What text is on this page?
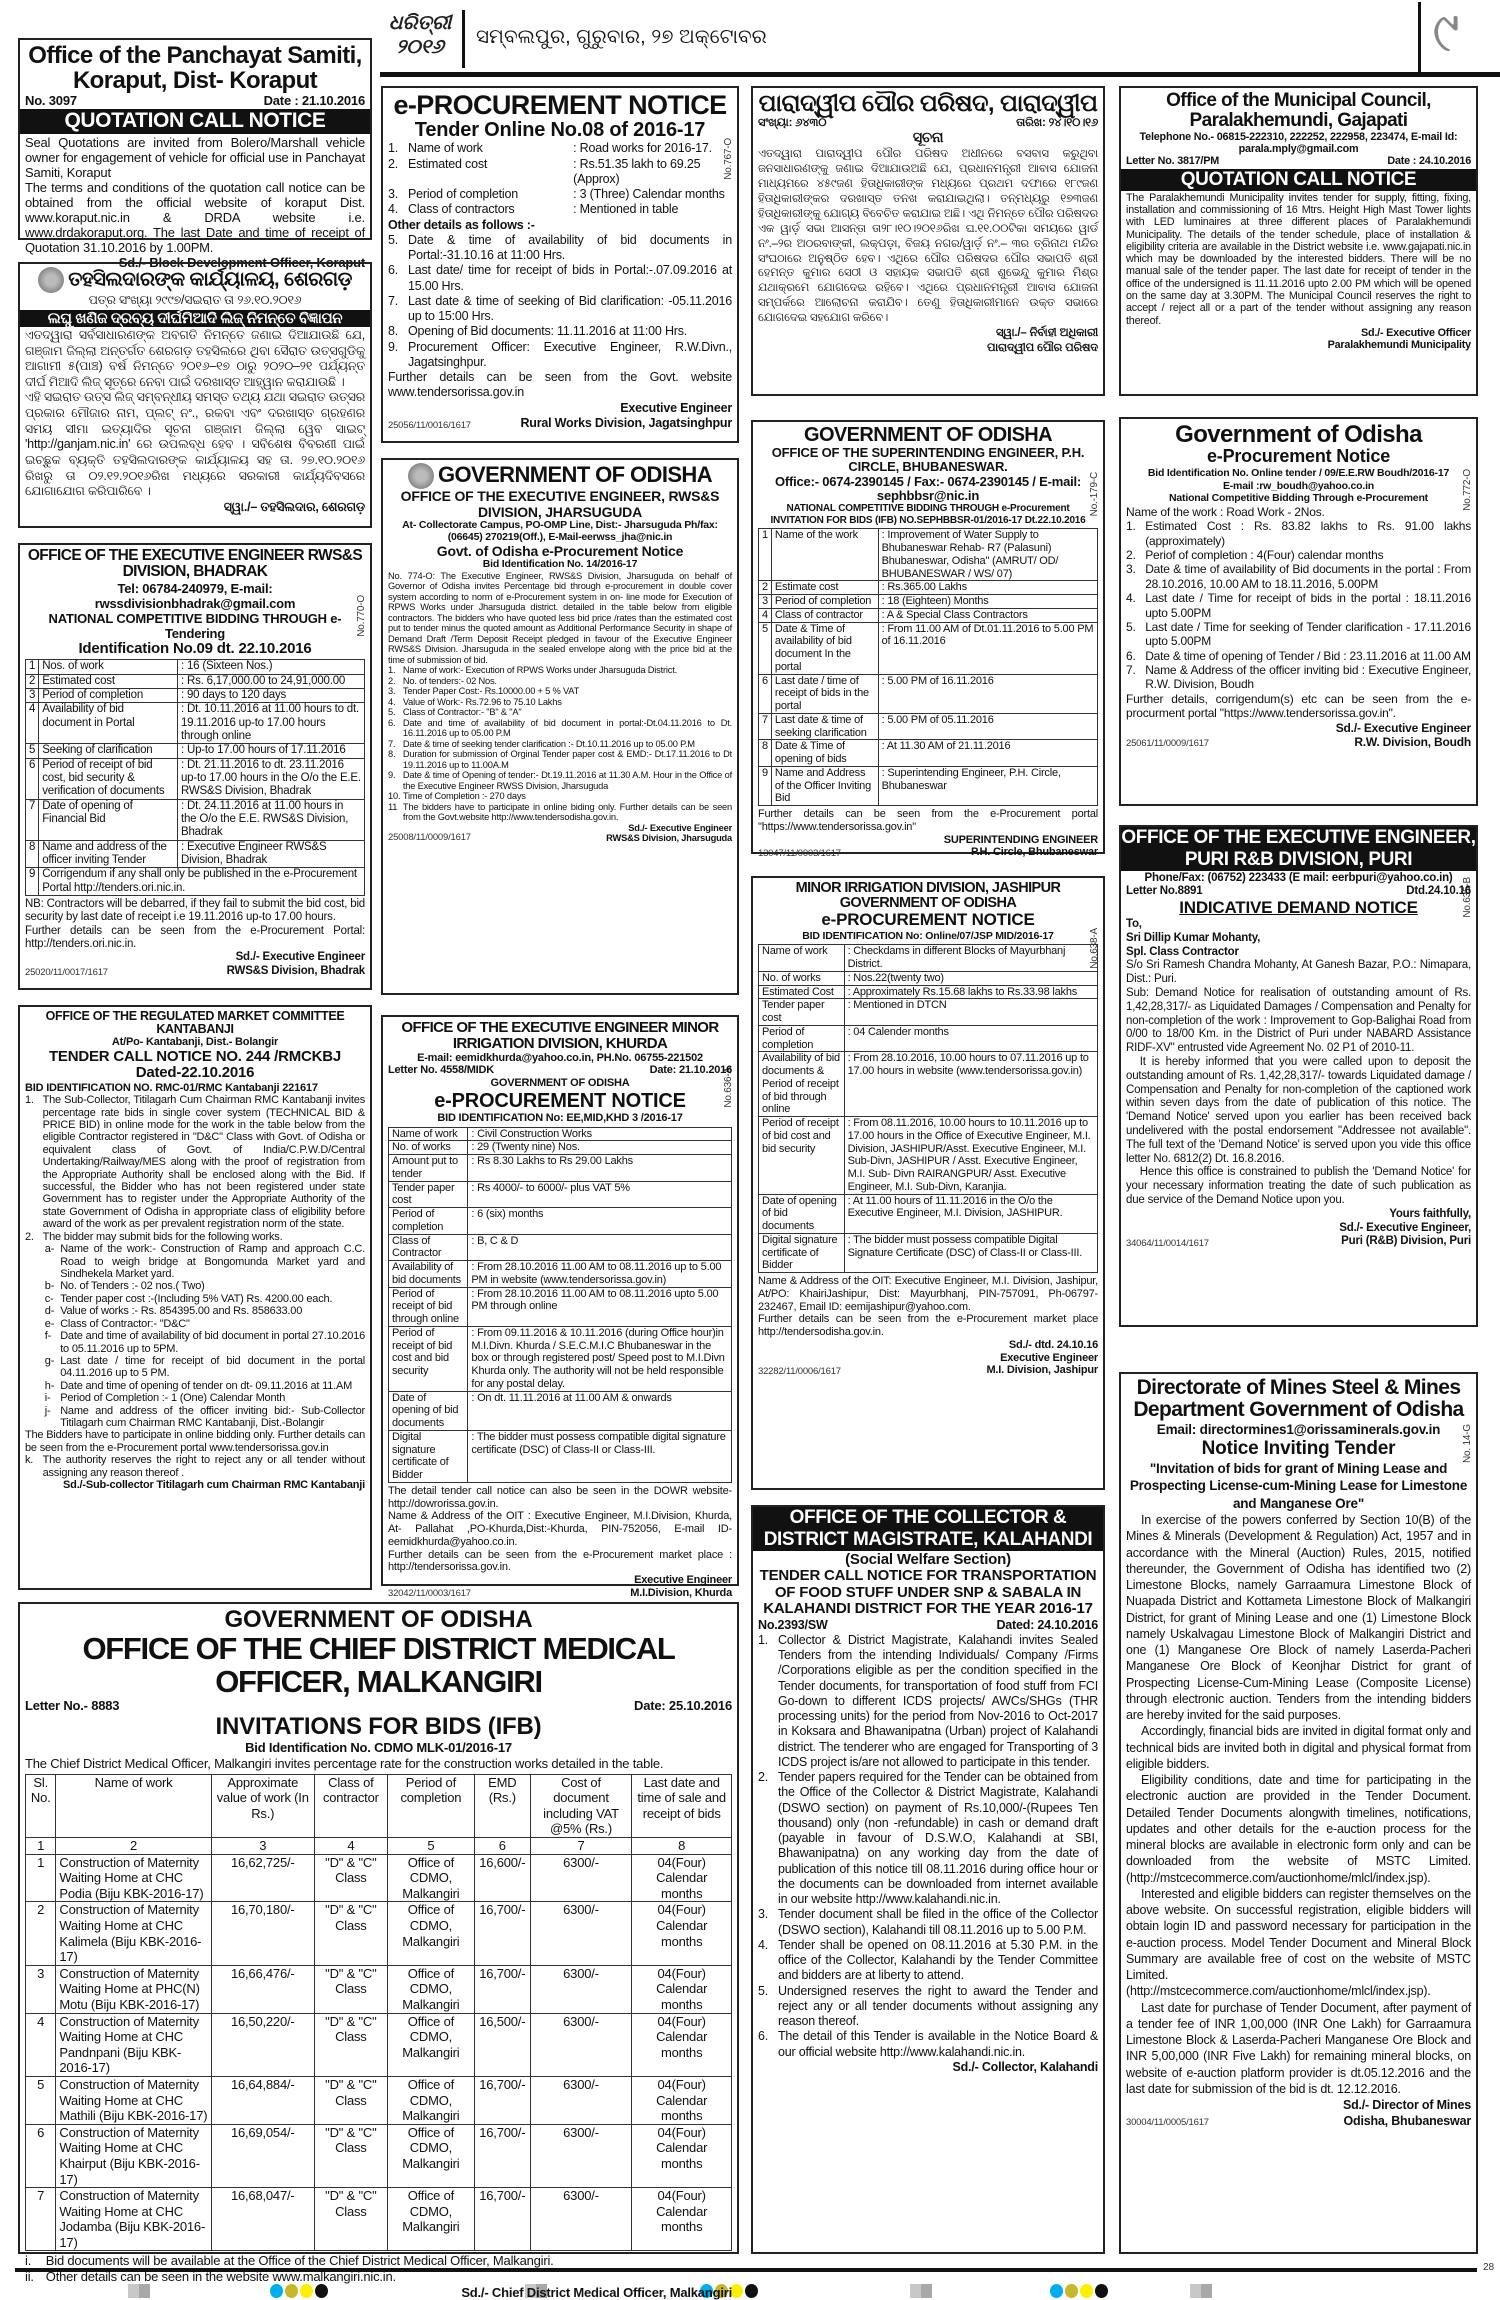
ଧରିତ୍ରୀ
୨୦୧୬	ସମ୍ବଲପୁର, ଗୁରୁବାର, ୨୭ ଅକ୍ଟୋବର	୯
28
Office of the Panchayat Samiti, Koraput, Dist- Koraput
No. 3097	Date : 21.10.2016
QUOTATION CALL NOTICE
Seal Quotations are invited from Bolero/Marshall vehicle owner for engagement of vehicle for official use in Panchayat Samiti, Koraput
The terms and conditions of the quotation call notice can be obtained from the official website of koraput Dist. www.koraput.nic.in & DRDA website i.e. www.drdakoraput.org. The last Date and time of receipt of Quotation 31.10.2016 by 1.00PM.
Sd./- Block Development Officer, Koraput
ତହସିଲଦାରଙ୍କ କାର୍ଯ୍ୟାଳୟ, ଶେରଗଡ଼
ପତ୍ର ସଂଖ୍ୟା ୨୯୯୭/ସଇରାତ ତା ୨୬.୧୦.୨୦୧୬
ଲଘୁ ଖଣିଜ ଦ୍ରବ୍ୟ ଦୀର୍ଘମିଆଦି ଲିଜ୍ ନିମନ୍ତେ ବିଜ୍ଞାପନ
ଏତଦ୍ୱାରା ସର୍ବସାଧାରଣଙ୍କ ଅବଗତି ନିମନ୍ତେ ଜଣାଇ ଦିଆଯାଉଛି ଯେ, ଗଞ୍ଜାମ ଜିଲ୍ଲା ଅନ୍ତର୍ଗତ ଶେରଗଡ଼ ତହସିଲରେ ଥିବା ସୈରାତ ଉତ୍ସଗୁଡିକୁ ଆଗାମୀ ୫(ପାଞ୍ଚ) ବର୍ଷ ନିମନ୍ତେ ୨୦୧୬–୧୭ ଠାରୁ ୨୦୨୦–୨୧ ପର୍ଯ୍ୟନ୍ତ ଦୀର୍ଘ ମିଆଦି ଲିଜ୍ ସୂତ୍ରେ ନେବା ପାଇଁ ଦରଖାସ୍ତ ଆହ୍ୱାନ କରାଯାଉଛି ।
ଏହି ସଇରାତ ଉତ୍ସ ଲିଜ୍ ସମ୍ବନ୍ଧୀୟ ସମସ୍ତ ତଥ୍ୟ ଯଥା ସଇରାତ ଉତ୍ସର ପ୍ରକାର ମୌଜାର ନାମ, ପ୍ଲଟ୍ ନଂ., ରକବା ଏବଂ ଦରଖାସ୍ତ ଗ୍ରହଣର ସମୟ ସୀମା ଇତ୍ୟାଦିର ସୂଚନା ଗଞ୍ଜାମ ଜିଲ୍ଲା ୱେବ ସାଇଟ୍ 'http://ganjam.nic.in' ରେ ଉପଲବ୍ଧ ହେବ । ସବିଶେଷ ବିବରଣୀ ପାଇଁ ଇଚ୍ଛୁକ ବ୍ୟକ୍ତି ତହସିଲଦାରଙ୍କ କାର୍ଯ୍ୟାଳୟ ସହ ତା. ୨୭.୧୦.୨୦୧୬ ରିଖରୁ ତା ୦୨.୧୨.୨୦୧୬ରିଖ ମଧ୍ୟରେ ସରକାରୀ କାର୍ଯ୍ୟଦିବସରେ ଯୋଗାଯୋଗ କରିପାରିବେ ।
ସ୍ୱା./– ତହସିଲଦାର, ଶେରଗଡ଼
No.770-O
OFFICE OF THE EXECUTIVE ENGINEER RWS&S DIVISION, BHADRAK
Tel: 06784-240979, E-mail: rwssdivisionbhadrak@gmail.com
NATIONAL COMPETITIVE BIDDING THROUGH e-Tendering
Identification No.09 dt. 22.10.2016
1	Nos. of work	: 16 (Sixteen Nos.)
2	Estimated cost	: Rs. 6,17,000.00 to 24,91,000.00
3	Period of completion	: 90 days to 120 days
4	Availability of bid document in Portal	: Dt. 10.11.2016 at 11.00 hours to dt. 19.11.2016 up-to 17.00 hours through online
5	Seeking of clarification	: Up-to 17.00 hours of 17.11.2016
6	Period of receipt of bid cost, bid security & verification of documents	: Dt. 21.11.2016 to dt. 23.11.2016 up-to 17.00 hours in the O/o the E.E. RWS&S Division, Bhadrak
7	Date of opening of Financial Bid	: Dt. 24.11.2016 at 11.00 hours in the O/o the E.E. RWS&S Division, Bhadrak
8	Name and address of the officer inviting Tender	: Executive Engineer RWS&S Division, Bhadrak
9	Corrigendum if any shall only be published in the e-Procurement Portal http://tenders.ori.nic.in.	
NB: Contractors will be debarred, if they fail to submit the bid cost, bid security by last date of receipt i.e 19.11.2016 up-to 17.00 hours.
Further details can be seen from the e-Procurement Portal: http://tenders.ori.nic.in.
25020/11/0017/1617
Sd./- Executive Engineer
RWS&S Division, Bhadrak
OFFICE OF THE REGULATED MARKET COMMITTEE KANTABANJI
At/Po- Kantabanji, Dist.- Bolangir
TENDER CALL NOTICE NO. 244 /RMCKBJ Dated-22.10.2016
BID IDENTIFICATION NO. RMC-01/RMC Kantabanji 221617
1. The Sub-Collector, Titilagarh Cum Chairman RMC Kantabanji invites percentage rate bids in single cover system (TECHNICAL BID & PRICE BID) in online mode for the work in the table below from the eligible Contractor registered in "D&C" Class with Govt. of Odisha or equivalent class of Govt. of India/C.P.W.D/Central Undertaking/Railway/MES along with the proof of registration from the Appropriate Authority shall be enclosed along with the Bid. If successful, the Bidder who has not been registered under state Government has to register under the Appropriate Authority of the state Government of Odisha in appropriate class of eligibility before award of the work as per prevalent registration norm of the state.
2. The bidder may submit bids for the following works.
a- Name of the work:- Construction of Ramp and approach C.C. Road to weigh bridge at Bongomunda Market yard and Sindhekela Market yard.
b- No. of Tenders :- 02 nos.( Two)
c- Tender paper cost :-(Including 5% VAT) Rs. 4200.00 each.
d- Value of works :- Rs. 854395.00 and Rs. 858633.00
e- Class of Contractor:- "D&C"
f- Date and time of availability of bid document in portal 27.10.2016 to 05.11.2016 up to 5PM.
g- Last date / time for receipt of bid document in the portal 04.11.2016 up to 5 PM.
h- Date and time of opening of tender on dt- 09.11.2016 at 11.AM
i- Period of Completion :- 1 (One) Calendar Month
j- Name and address of the officer inviting bid:- Sub-Collector Titilagarh cum Chairman RMC Kantabanji, Dist.-Bolangir
The Bidders have to participate in online bidding only. Further details can be seen from the e-Procurement portal www.tendersorissa.gov.in
k. The authority reserves the right to reject any or all tender without assigning any reason thereof .
Sd./-Sub-collector Titilagarh cum Chairman RMC Kantabanji
No.767-O
e-PROCUREMENT NOTICE
Tender Online No.08 of 2016-17
1. Name of work	: Road works for 2016-17.
2. Estimated cost	: Rs.51.35 lakh to 69.25 (Approx)
3. Period of completion	: 3 (Three) Calendar months
4. Class of contractors	: Mentioned in table
Other details as follows :-
5. Date & time of availability of bid documents in Portal:-31.10.16 at 11:00 Hrs.
6. Last date/ time for receipt of bids in Portal:-.07.09.2016 at 15.00 Hrs.
7. Last date & time of seeking of Bid clarification: -05.11.2016 up to 15:00 Hrs.
8. Opening of Bid documents: 11.11.2016 at 11:00 Hrs.
9. Procurement Officer: Executive Engineer, R.W.Divn., Jagatsinghpur.
Further details can be seen from the Govt. website www.tendersorissa.gov.in
25056/11/0016/1617
Executive Engineer
Rural Works Division, Jagatsinghpur
GOVERNMENT OF ODISHA
OFFICE OF THE EXECUTIVE ENGINEER, RWS&S DIVISION, JHARSUGUDA
At- Collectorate Campus, PO-OMP Line, Dist:- Jharsuguda Ph/fax: (06645) 270219(Off.), E-Mail-eerwss_jha@nic.in
Govt. of Odisha e-Procurement Notice
Bid Identification No. 14/2016-17
No. 774-O: The Executive Engineer, RWS&S Division, Jharsuguda on behalf of Governor of Odisha invites Percentage bid through e-procurement in double cover system according to norm of e-Procurement system in on- line mode for Execution of RPWS Works under Jharsuguda district. detailed in the table below from eligible contractors. The bidders who have quoted less bid price /rates than the estimated cost put to tender minus the quoted amount as Additional Performance Security in shape of Demand Draft /Term Deposit Receipt pledged in favour of the Executive Engineer RWS&S Division. Jharsuguda in the sealed envelope along with the price bid at the time of submission of bid.
1. Name of work:- Execution of RPWS Works under Jharsuguda District.
2. No. of tenders:- 02 Nos.
3. Tender Paper Cost:- Rs.10000.00 + 5 % VAT
4. Value of Work:- Rs.72.96 to 75.10 Lakhs
5. Class of Contractor:- "B" & "A"
6. Date and time of availability of bid document in portal:-Dt.04.11.2016 to Dt. 16.11.2016 up to 05.00 P.M
7. Date & time of seeking tender clarification :- Dt.10.11.2016 up to 05.00 P.M
8. Duration for submission of Orginal Tender paper cost & EMD:- Dt.17.11.2016 to Dt 19.11.2016 up to 11.00A.M
9. Date & time of Opening of tender:- Dt.19.11.2016 at 11.30 A.M. Hour in the Office of the Executive Engineer RWSS Division, Jharsuguda
10. Time of Completion :- 270 days
11 The bidders have to participate in online biding only. Further details can be seen from the Govt.website http://www.tendersodisha.gov.in.
25008/11/0009/1617
Sd./- Executive Engineer
RWS&S Division, Jharsuguda
No.636-A
OFFICE OF THE EXECUTIVE ENGINEER MINOR IRRIGATION DIVISION, KHURDA
E-mail: eemidkhurda@yahoo.co.in, PH.No. 06755-221502
Letter No. 4558/MIDK	Date: 21.10.2016
GOVERNMENT OF ODISHA
e-PROCUREMENT NOTICE
BID IDENTIFICATION No: EE,MID,KHD 3 /2016-17
Name of work	: Civil Construction Works
No. of works	: 29 (Twenty nine) Nos.
Amount put to tender	: Rs 8.30 Lakhs to Rs 29.00 Lakhs
Tender paper cost	: Rs 4000/- to 6000/- plus VAT 5%
Period of completion	: 6 (six) months
Class of Contractor	: B, C & D
Availability of bid documents	: From 28.10.2016 11.00 AM to 08.11.2016 up to 5.00 PM in website (www.tendersorissa.gov.in)
Period of receipt of bid through online	: From 28.10.2016 11.00 AM to 08.11.2016 upto 5.00 PM through online
Period of receipt of bid cost and bid security	: From 09.11.2016 & 10.11.2016 (during Office hour)in M.I.Divn. Khurda / S.E.C.M.I.C Bhubaneswar in the box or through registered post/ Speed post to M.I.Divn Khurda only. The authority will not be held responsible for any postal delay.
Date of opening of bid documents	: On dt. 11.11.2016 at 11.00 AM & onwards
Digital signature certificate of Bidder	: The bidder must possess compatible digital signature certificate (DSC) of Class-II or Class-III.
The detail tender call notice can also be seen in the DOWR website- http://dowrorissa.gov.in.
Name & Address of the OIT : Executive Engineer, M.I.Division, Khurda, At- Pallahat ,PO-Khurda,Dist:-Khurda, PIN-752056, E-mail ID-eemidkhurda@yahoo.co.in.
Further details can be seen from the e-Procurement market place : http://tendersorissa.gov.in.
32042/11/0003/1617
Executive Engineer
M.I.Division, Khurda
ପାରାଦ୍ୱୀପ ପୌର ପରିଷଦ, ପାରାଦ୍ୱୀପ
ସଂଖ୍ୟା: ୬୪୩୦	ତାରିଖ: ୨୪।୧୦।୧୬
ସୂଚନା
ଏତଦ୍ୱାରା ପାରାଦ୍ୱୀପ ପୌର ପରିଷଦ ଅଧୀନରେ ବସବାସ କରୁଥିବା ଜନସାଧାରଣଙ୍କୁ ଜଣାଇ ଦିଆଯାଉଅଛି ଯେ, ପ୍ରଧାନମନ୍ତ୍ରୀ ଆବାସ ଯୋଜନା ମାଧ୍ୟମରେ ୪୫୯ଜଣ ହିତାଧିକାରୀଙ୍କ ମଧ୍ୟରେ ପ୍ରଥମ ଦଫାରେ ୧୮୯ଜଣ ହିତାଧିକାରୀଙ୍କର ଦରଖାସ୍ତ ତନଖ କରାଯାଇଥିଲା। ତନ୍ମଧ୍ୟରୁ ୧୭୩ଜଣ ହିତାଧିକାରୀଙ୍କୁ ଯୋଗ୍ୟ ବିବେଚିତ କରାଯାଇ ଅଛି। ଏଥି ନିମନ୍ତେ ପୌର ପରିଷଦର ଏକ ୱାର୍ଡ଼ ସଭା ଆସନ୍ତା ତା୨୮।୧୦।୨୦୧୬ରିଖ ଘ.୧୧.୦୦ଟିକା ସମୟରେ ୱାର୍ଡ ନଂ.–୨ର ଅଠରବାଙ୍କୀ, ଲକ୍ପଡ଼ା, ବିଜୟ ନଗର/ୱାର୍ଡ଼ ନଂ.– ୩ର ତ୍ରିନାଥ ମନ୍ଦିର ସଂଘଠାରେ ଅନୁଷ୍ଠିତ ହେବ। ଏଥିରେ ପୌର ପରିଷଦର ପୌର ସଭାପତି ଶ୍ରୀ ହେମନ୍ତ କୁମାର ସେଠୀ ଓ ସହାୟକ ସଭାପତି ଶ୍ରୀ ଶୁଭେନ୍ଦୁ କୁମାର ମିଶ୍ର ଯଥାକ୍ରମେ ଯୋଗଦେଇ ରହିବେ। ଏଥିରେ ପ୍ରଧାନମନ୍ତ୍ରୀ ଆବାସ ଯୋଜନା ସମ୍ପର୍କରେ ଆଲୋଚନା କରାଯିବ। ତେଣୁ ହିତାଧିକାରୀମାନେ ଉକ୍ତ ସଭାରେ ଯୋଗଦେଇ ସହଯୋଗ କରିବେ।
ସ୍ୱା./– ନିର୍ବାହୀ ଅଧିକାରୀ
ପାରାଦ୍ୱୀପ ପୌର ପରିଷଦ
No.-179-C
GOVERNMENT OF ODISHA
OFFICE OF THE SUPERINTENDING ENGINEER, P.H. CIRCLE, BHUBANESWAR.
Office:- 0674-2390145 / Fax:- 0674-2390145 / E-mail: sephbbsr@nic.in
NATIONAL COMPETITIVE BIDDING THROUGH e-Procurement
INVITATION FOR BIDS (IFB) NO.SEPHBBSR-01/2016-17 Dt.22.10.2016
1	Name of the work	: Improvement of Water Supply to Bhubaneswar Rehab- R7 (Palasuni) Bhubaneswar, Odisha" (AMRUT/ OD/ BHUBANESWAR / WS/ 07)
2	Estimate cost	: Rs.365.00 Lakhs
3	Period of completion	: 18 (Eighteen) Months
4	Class of contractor	: A & Special Class Contractors
5	Date & Time of availability of bid document In the portal	: From 11.00 AM of Dt.01.11.2016 to 5.00 PM of 16.11.2016
6	Last date / time of receipt of bids in the portal	: 5.00 PM of 16.11.2016
7	Last date & time of seeking clarification	: 5.00 PM of 05.11.2016
8	Date & Time of opening of bids	: At 11.30 AM of 21.11.2016
9	Name and Address of the Officer Inviting Bid	: Superintending Engineer, P.H. Circle, Bhubaneswar
Further details can be seen from the e-Procurement portal "https://www.tendersorissa.gov.in"
13047/11/0003/1617
SUPERINTENDING ENGINEER
P.H. Circle, Bhubaneswar
No.638-A
MINOR IRRIGATION DIVISION, JASHIPUR GOVERNMENT OF ODISHA
e-PROCUREMENT NOTICE
BID IDENTIFICATION No: Online/07/JSP MID/2016-17
Name of work	: Checkdams in different Blocks of Mayurbhanj District.
No. of works	: Nos.22(twenty two)
Estimated Cost	: Approximately Rs.15.68 lakhs to Rs.33.98 lakhs
Tender paper cost	: Mentioned in DTCN
Period of completion	: 04 Calender months
Availability of bid documents & Period of receipt of bid through online	: From 28.10.2016, 10.00 hours to 07.11.2016 up to 17.00 hours in website (www.tendersorissa.gov.in)
Period of receipt of bid cost and bid security	: From 08.11.2016, 10.00 hours to 10.11.2016 up to 17.00 hours in the Office of Executive Engineer, M.I. Division, JASHIPUR/Asst. Executive Engineer, M.I. Sub-Divn, JASHIPUR / Asst. Executive Engineer, M.I. Sub- Divn RAIRANGPUR/ Asst. Executive Engineer, M.I. Sub-Divn, Karanjia.
Date of opening of bid documents	: At 11.00 hours of 11.11.2016 in the O/o the Executive Engineer, M.I. Division, JASHIPUR.
Digital signature certificate of Bidder	: The bidder must possess compatible Digital Signature Certificate (DSC) of Class-II or Class-III.
Name & Address of the OIT: Executive Engineer, M.I. Division, Jashipur, At/PO: KhairiJashipur, Dist: Mayurbhanj, PIN-757091, Ph-06797-232467, Email ID: eemijashipur@yahoo.com.
Further details can be seen from the e-Procurement market place http://tendersodisha.gov.in.
Sd./- dtd. 24.10.16
32282/11/0006/1617
Executive Engineer
M.I. Division, Jashipur
OFFICE OF THE COLLECTOR & DISTRICT MAGISTRATE, KALAHANDI
(Social Welfare Section)
TENDER CALL NOTICE FOR TRANSPORTATION OF FOOD STUFF UNDER SNP & SABALA IN KALAHANDI DISTRICT FOR THE YEAR 2016-17
No.2393/SW	Dated: 24.10.2016
1. Collector & District Magistrate, Kalahandi invites Sealed Tenders from the intending Individuals/ Company /Firms /Corporations eligible as per the condition specified in the Tender documents, for transportation of food stuff from FCI Go-down to different ICDS projects/ AWCs/SHGs (THR processing units) for the period from Nov-2016 to Oct-2017 in Koksara and Bhawanipatna (Urban) project of Kalahandi district. The tenderer who are engaged for Transporting of 3 ICDS project is/are not allowed to participate in this tender.
2. Tender papers required for the Tender can be obtained from the Office of the Collector & District Magistrate, Kalahandi (DSWO section) on payment of Rs.10,000/-(Rupees Ten thousand) only (non -refundable) in cash or demand draft (payable in favour of D.S.W.O, Kalahandi at SBI, Bhawanipatna) on any working day from the date of publication of this notice till 08.11.2016 during office hour or the documents can be downloaded from internet available in our website http://www.kalahandi.nic.in.
3. Tender document shall be filed in the office of the Collector (DSWO section), Kalahandi till 08.11.2016 up to 5.00 P.M.
4. Tender shall be opened on 08.11.2016 at 5.30 P.M. in the office of the Collector, Kalahandi by the Tender Committee and bidders are at liberty to attend.
5. Undersigned reserves the right to award the Tender and reject any or all tender documents without assigning any reason thereof.
6. The detail of this Tender is available in the Notice Board & our official website http://www.kalahandi.nic.in.
Sd./- Collector, Kalahandi
Office of the Municipal Council, Paralakhemundi, Gajapati
Telephone No.- 06815-222310, 222252, 222958, 223474, E-mail Id: parala.mply@gmail.com
Letter No. 3817/PM	Date : 24.10.2016
QUOTATION CALL NOTICE
The Paralakhemundi Municipality invites tender for supply, fitting, fixing, installation and commissioning of 16 Mtrs. Height High Mast Tower lights with LED luminaires at three different places of Paralakhemundi Municipality. The details of the tender schedule, place of installation & eligibility criteria are available in the District website i.e. www.gajapati.nic.in which may be downloaded by the interested bidders. There will be no manual sale of the tender paper. The last date for receipt of tender in the office of the undersigned is 11.11.2016 upto 2.00 PM which will be opened on the same day at 3.30PM. The Municipal Council reserves the right to accept / reject all or a part of the tender without assigning any reason thereof.
Sd./- Executive Officer
Paralakhemundi Municipality
No.772-O
Government of Odisha
e-Procurement Notice
Bid Identification No. Online tender / 09/E.E.RW Boudh/2016-17
E-mail :rw_boudh@yahoo.co.in
National Competitive Bidding Through e-Procurement
Name of the work : Road Work - 2Nos.
1. Estimated Cost : Rs. 83.82 lakhs to Rs. 91.00 lakhs (approximately)
2. Periof of completion : 4(Four) calendar months
3. Date & time of availability of Bid documents in the portal : From 28.10.2016, 10.00 AM to 18.11.2016, 5.00PM
4. Last date / Time for receipt of bids in the portal : 18.11.2016 upto 5.00PM
5. Last date / Time for seeking of Tender clarification - 17.11.2016 upto 5.00PM
6. Date & time of opening of Tender / Bid : 23.11.2016 at 11.00 AM
7. Name & Address of the officer inviting bid : Executive Engineer, R.W. Division, Boudh
Further details, corrigendum(s) etc can be seen from the e-procurment portal "https://www.tendersorissa.gov.in".
25061/11/0009/1617
Sd./- Executive Engineer
R.W. Division, Boudh
No.635-B
OFFICE OF THE EXECUTIVE ENGINEER, PURI R&B DIVISION, PURI
Phone/Fax: (06752) 223433 (E mail: eerbpuri@yahoo.co.in)
Letter No.8891	Dtd.24.10.16
INDICATIVE DEMAND NOTICE
To,
Sri Dillip Kumar Mohanty,
Spl. Class Contractor
S/o Sri Ramesh Chandra Mohanty, At Ganesh Bazar, P.O.: Nimapara, Dist.: Puri.
Sub: Demand Notice for realisation of outstanding amount of Rs. 1,42,28,317/- as Liquidated Damages / Compensation and Penalty for non-completion of the work : Improvement to Gop-Balighai Road from 0/00 to 18/00 Km. in the District of Puri under NABARD Assistance RIDF-XV" entrusted vide Agreement No. 02 P1 of 2010-11.
It is hereby informed that you were called upon to deposit the outstanding amount of Rs. 1,42,28,317/- towards Liquidated damage / Compensation and Penalty for non-completion of the captioned work within seven days from the date of publication of this notice. The 'Demand Notice' served upon you earlier has been received back undelivered with the postal endorsement "Addressee not available". The full text of the 'Demand Notice' is served upon you vide this office letter No. 6812(2) Dt. 16.8.2016.
Hence this office is constrained to publish the 'Demand Notice' for your necessary information treating the date of such publication as due service of the Demand Notice upon you.
Yours faithfully,
34064/11/0014/1617
Sd./- Executive Engineer,
Puri (R&B) Division, Puri
No. 14-G
Directorate of Mines Steel & Mines Department Government of Odisha
Email: directormines1@orissaminerals.gov.in
Notice Inviting Tender
"Invitation of bids for grant of Mining Lease and Prospecting License-cum-Mining Lease for Limestone and Manganese Ore"
In exercise of the powers conferred by Section 10(B) of the Mines & Minerals (Development & Regulation) Act, 1957 and in accordance with the Mineral (Auction) Rules, 2015, notified thereunder, the Government of Odisha has identified two (2) Limestone Blocks, namely Garraamura Limestone Block of Nuapada District and Kottameta Limestone Block of Malkangiri District, for grant of Mining Lease and one (1) Limestone Block namely Uskalvagau Limestone Block of Malkangiri District and one (1) Manganese Ore Block of namely Laserda-Pacheri Manganese Ore Block of Keonjhar District for grant of Prospecting License-Cum-Mining Lease (Composite License) through electronic auction. Tenders from the intending bidders are hereby invited for the said purposes.
Accordingly, financial bids are invited in digital format only and technical bids are invited both in digital and physical format from eligible bidders.
Eligibility conditions, date and time for participating in the electronic auction are provided in the Tender Document. Detailed Tender Documents alongwith timelines, notifications, updates and other details for the e-auction process for the mineral blocks are available in electronic form only and can be downloaded from the website of MSTC Limited. (http://mstcecommerce.com/auctionhome/mlcl/index.jsp).
Interested and eligible bidders can register themselves on the above website. On successful registration, eligible bidders will obtain login ID and password necessary for participation in the e-auction process. Model Tender Document and Mineral Block Summary are available free of cost on the website of MSTC Limited. (http://mstcecommerce.com/auctionhome/mlcl/index.jsp).
Last date for purchase of Tender Document, after payment of a tender fee of INR 1,00,000 (INR One Lakh) for Garraamura Limestone Block & Laserda-Pacheri Manganese Ore Block and INR 5,00,000 (INR Five Lakh) for remaining mineral blocks, on website of e-auction platform provider is dt.05.12.2016 and the last date for submission of the bid is dt. 12.12.2016.
30004/11/0005/1617
Sd./- Director of Mines
Odisha, Bhubaneswar
GOVERNMENT OF ODISHA
OFFICE OF THE CHIEF DISTRICT MEDICAL OFFICER, MALKANGIRI
Letter No.- 8883	Date: 25.10.2016
INVITATIONS FOR BIDS (IFB)
Bid Identification No. CDMO MLK-01/2016-17
The Chief District Medical Officer, Malkangiri invites percentage rate for the construction works detailed in the table.
Sl. No.	Name of work	Approximate value of work (In Rs.)	Class of contractor	Period of completion	EMD (Rs.)	Cost of document including VAT @5% (Rs.)	Last date and time of sale and receipt of bids
1	2	3	4	5	6	7	8
1	Construction of Maternity Waiting Home at CHC Podia (Biju KBK-2016-17)	16,62,725/-	"D" & "C" Class	Office of CDMO, Malkangiri	16,600/-	6300/-	04(Four) Calendar months
2	Construction of Maternity Waiting Home at CHC Kalimela (Biju KBK-2016-17)	16,70,180/-	"D" & "C" Class	Office of CDMO, Malkangiri	16,700/-	6300/-	04(Four) Calendar months
3	Construction of Maternity Waiting Home at PHC(N) Motu (Biju KBK-2016-17)	16,66,476/-	"D" & "C" Class	Office of CDMO, Malkangiri	16,700/-	6300/-	04(Four) Calendar months
4	Construction of Maternity Waiting Home at CHC Pandnpani (Biju KBK-2016-17)	16,50,220/-	"D" & "C" Class	Office of CDMO, Malkangiri	16,500/-	6300/-	04(Four) Calendar months
5	Construction of Maternity Waiting Home at CHC Mathili (Biju KBK-2016-17)	16,64,884/-	"D" & "C" Class	Office of CDMO, Malkangiri	16,700/-	6300/-	04(Four) Calendar months
6	Construction of Maternity Waiting Home at CHC Khairput (Biju KBK-2016-17)	16,69,054/-	"D" & "C" Class	Office of CDMO, Malkangiri	16,700/-	6300/-	04(Four) Calendar months
7	Construction of Maternity Waiting Home at CHC Jodamba (Biju KBK-2016-17)	16,68,047/-	"D" & "C" Class	Office of CDMO, Malkangiri	16,700/-	6300/-	04(Four) Calendar months
i.	Bid documents will be available at the Office of the Chief District Medical Officer, Malkangiri.
ii. Other details can be seen in the website www.malkangiri.nic.in.
Sd./- Chief District Medical Officer, Malkangiri
